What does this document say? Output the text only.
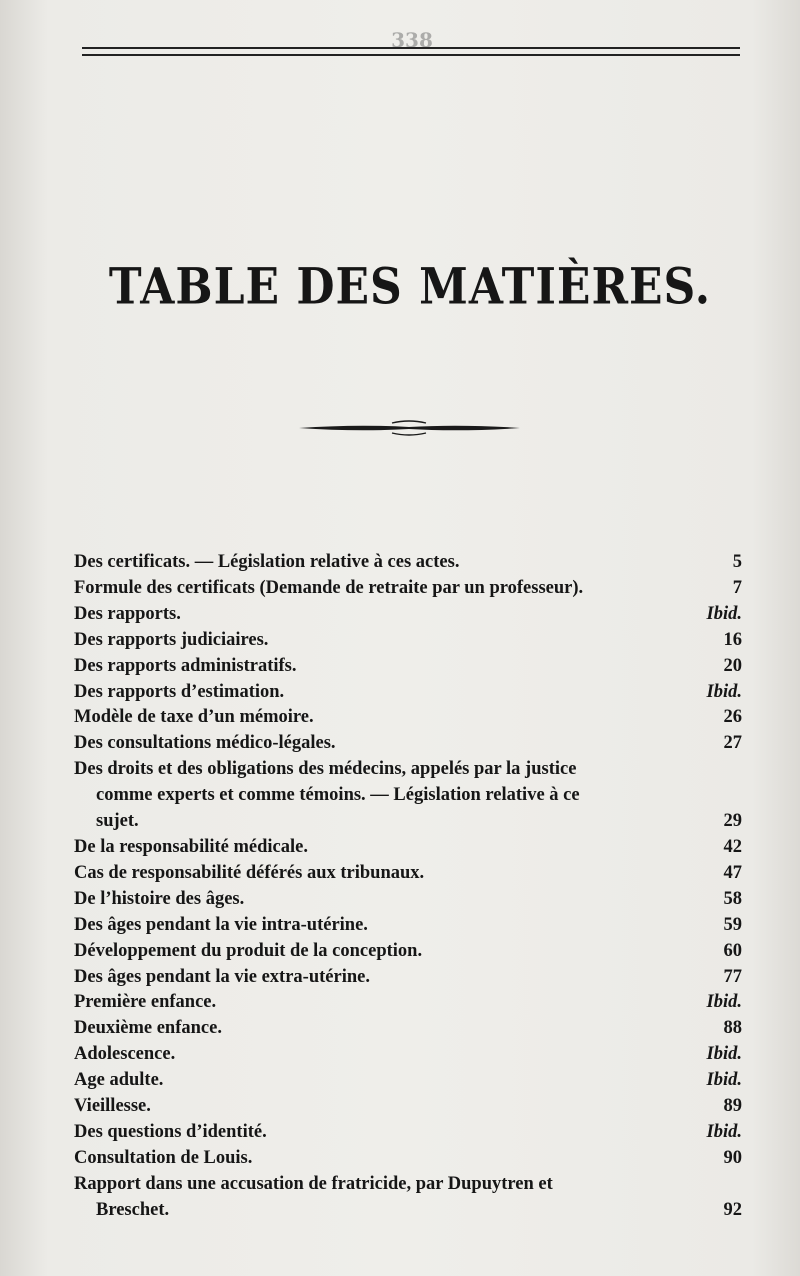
338
TABLE DES MATIÈRES.
Des certificats. — Législation relative à ces actes.	5
Formule des certificats (Demande de retraite par un professeur).	7
Des rapports.	Ibid.
Des rapports judiciaires.	16
Des rapports administratifs.	20
Des rapports d’estimation.	Ibid.
Modèle de taxe d’un mémoire.	26
Des consultations médico-légales.	27
Des droits et des obligations des médecins, appelés par la justice
comme experts et comme témoins. — Législation relative à ce
sujet.	29
De la responsabilité médicale.	42
Cas de responsabilité déférés aux tribunaux.	47
De l’histoire des âges.	58
Des âges pendant la vie intra-utérine.	59
Développement du produit de la conception.	60
Des âges pendant la vie extra-utérine.	77
Première enfance.	Ibid.
Deuxième enfance.	88
Adolescence.	Ibid.
Age adulte.	Ibid.
Vieillesse.	89
Des questions d’identité.	Ibid.
Consultation de Louis.	90
Rapport dans une accusation de fratricide, par Dupuytren et
Breschet.	92
